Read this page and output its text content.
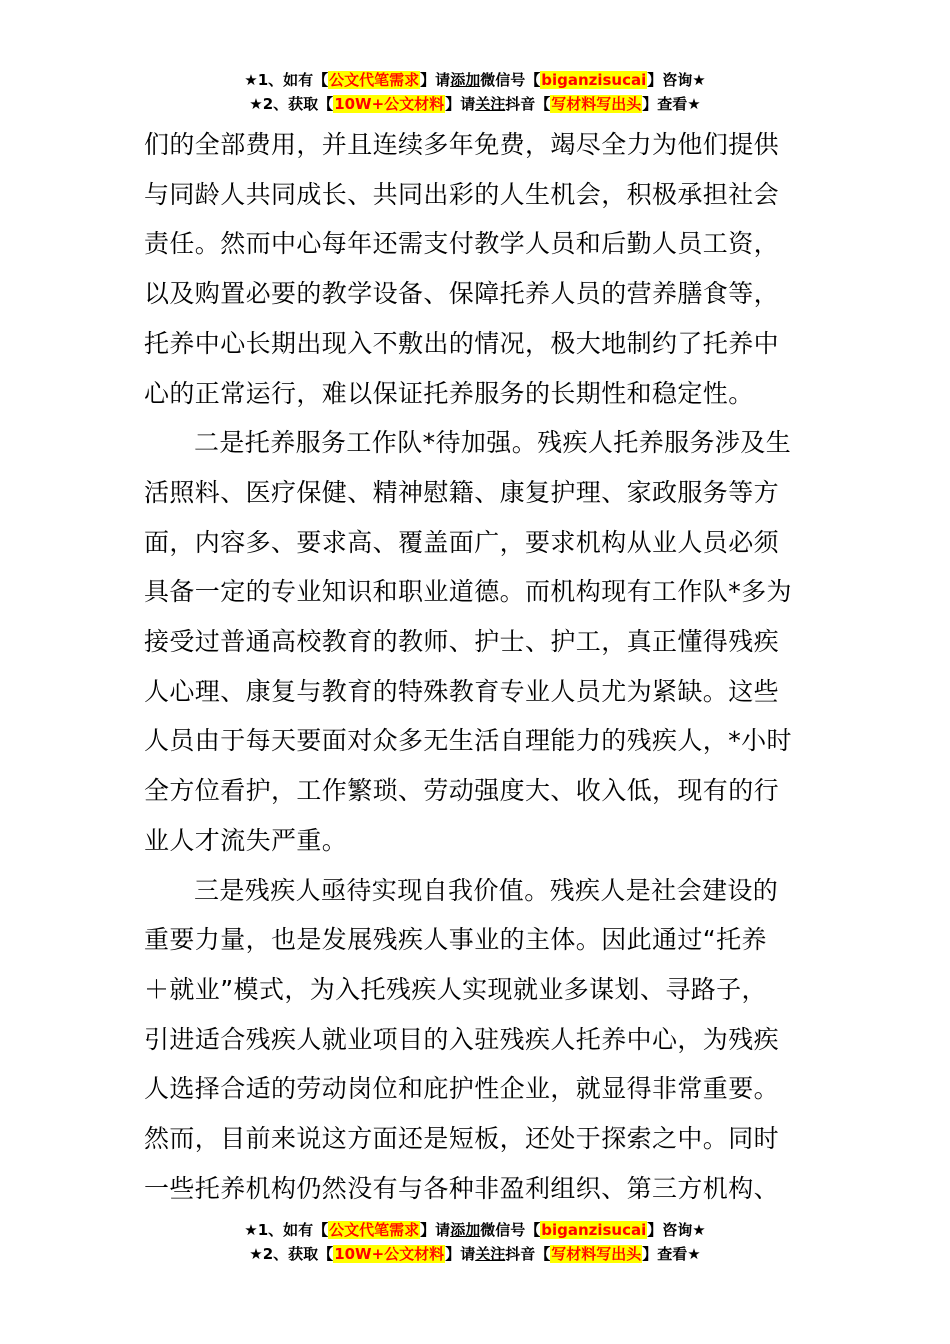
★1、如有【公文代笔需求】请添加微信号【biganzisucai】咨询★
★2、获取【10W+公文材料】请关注抖音【写材料写出头】查看★

们的全部费用，并且连续多年免费，竭尽全力为他们提供

与同龄人共同成长、共同出彩的人生机会，积极承担社会

责任。然而中心每年还需支付教学人员和后勤人员工资，

以及购置必要的教学设备、保障托养人员的营养膳食等，

托养中心长期出现入不敷出的情况，极大地制约了托养中

心的正常运行，难以保证托养服务的长期性和稳定性。

二是托养服务工作队*待加强。残疾人托养服务涉及生

活照料、医疗保健、精神慰籍、康复护理、家政服务等方

面，内容多、要求高、覆盖面广，要求机构从业人员必须

具备一定的专业知识和职业道德。而机构现有工作队*多为

接受过普通高校教育的教师、护士、护工，真正懂得残疾

人心理、康复与教育的特殊教育专业人员尤为紧缺。这些

人员由于每天要面对众多无生活自理能力的残疾人，*小时

全方位看护，工作繁琐、劳动强度大、收入低，现有的行

业人才流失严重。

三是残疾人亟待实现自我价值。残疾人是社会建设的

重要力量，也是发展残疾人事业的主体。因此通过“托养

＋就业”模式，为入托残疾人实现就业多谋划、寻路子，

引进适合残疾人就业项目的入驻残疾人托养中心，为残疾

人选择合适的劳动岗位和庇护性企业，就显得非常重要。

然而，目前来说这方面还是短板，还处于探索之中。同时

一些托养机构仍然没有与各种非盈利组织、第三方机构、

★1、如有【公文代笔需求】请添加微信号【biganzisucai】咨询★
★2、获取【10W+公文材料】请关注抖音【写材料写出头】查看★
